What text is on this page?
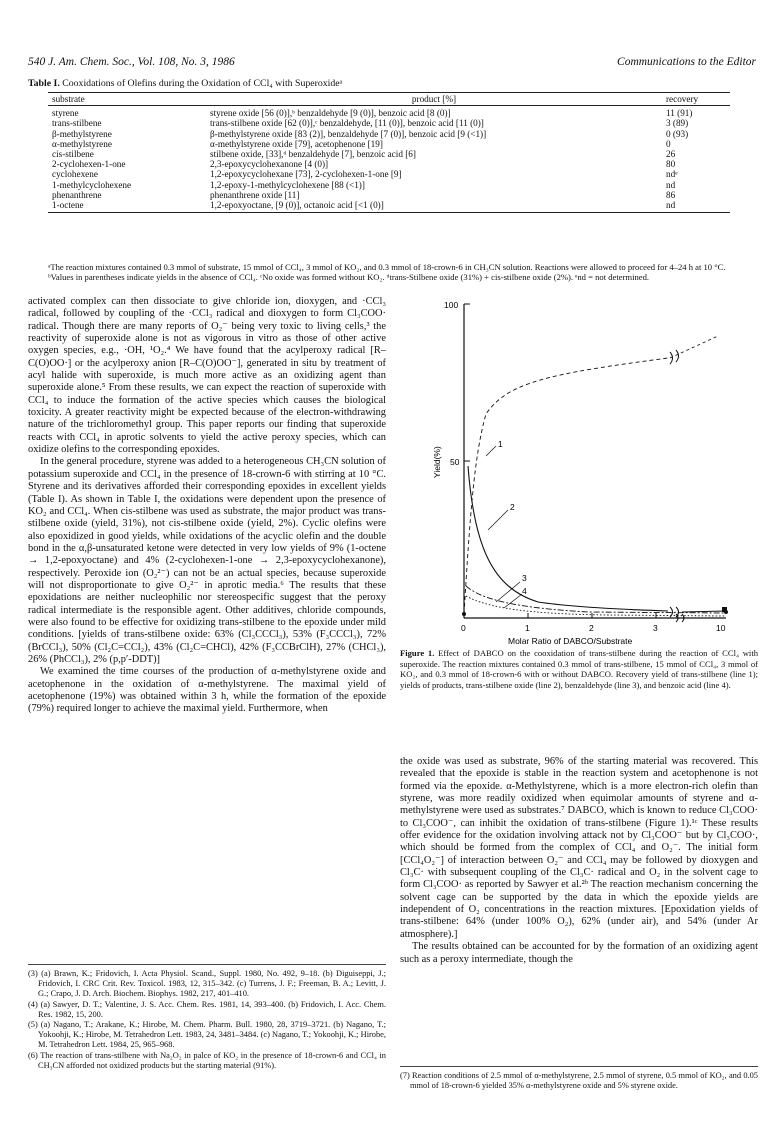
540 J. Am. Chem. Soc., Vol. 108, No. 3, 1986	Communications to the Editor
Table I. Cooxidations of Olefins during the Oxidation of CCl₄ with Superoxideᵃ
substrate	product [%]	recovery
styrene	styrene oxide [56 (0)],ᵇ benzaldehyde [9 (0)], benzoic acid [8 (0)]	11 (91)
trans-stilbene	trans-stilbene oxide [62 (0)],ᶜ benzaldehyde, [11 (0)], benzoic acid [11 (0)]	3 (89)
β-methylstyrene	β-methylstyrene oxide [83 (2)], benzaldehyde [7 (0)], benzoic acid [9 (<1)]	0 (93)
α-methylstyrene	α-methylstyrene oxide [79], acetophenone [19]	0
cis-stilbene	stilbene oxide, [33],ᵈ benzaldehyde [7], benzoic acid [6]	26
2-cyclohexen-1-one	2,3-epoxycyclohexanone [4 (0)]	80
cyclohexene	1,2-epoxycyclohexane [73], 2-cyclohexen-1-one [9]	ndᵉ
1-methylcyclohexene	1,2-epoxy-1-methylcyclohexene [88 (<1)]	nd
phenanthrene	phenanthrene oxide [11]	86
1-octene	1,2-epoxyoctane, [9 (0)], octanoic acid [<1 (0)]	nd
ᵃThe reaction mixtures contained 0.3 mmol of substrate, 15 mmol of CCl₄, 3 mmol of KO₂, and 0.3 mmol of 18-crown-6 in CH₃CN solution. Reactions were allowed to proceed for 4–24 h at 10 °C. ᵇValues in parentheses indicate yields in the absence of CCl₄. ᶜNo oxide was formed without KO₂. ᵈtrans-Stilbene oxide (31%) + cis-stilbene oxide (2%). ᵉnd = not determined.

activated complex can then dissociate to give chloride ion, dioxygen, and ·CCl₃ radical, followed by coupling of the ·CCl₃ radical and dioxygen to form Cl₃COO· radical. Though there are many reports of O₂⁻ being very toxic to living cells,³ the reactivity of superoxide alone is not as vigorous in vitro as those of other active oxygen species, e.g., ·OH, ¹O₂.⁴ We have found that the acylperoxy radical [R–C(O)OO·] or the acylperoxy anion [R–C(O)OO⁻], generated in situ by treatment of acyl halide with superoxide, is much more active as an oxidizing agent than superoxide alone.⁵ From these results, we can expect the reaction of superoxide with CCl₄ to induce the formation of the active species which causes the biological toxicity. A greater reactivity might be expected because of the electron-withdrawing nature of the trichloromethyl group. This paper reports our finding that superoxide reacts with CCl₄ in aprotic solvents to yield the active peroxy species, which can oxidize olefins to the corresponding epoxides.

In the general procedure, styrene was added to a heterogeneous CH₃CN solution of potassium superoxide and CCl₄ in the presence of 18-crown-6 with stirring at 10 °C. Styrene and its derivatives afforded their corresponding epoxides in excellent yields (Table I). As shown in Table I, the oxidations were dependent upon the presence of KO₂ and CCl₄. When cis-stilbene was used as substrate, the major product was trans-stilbene oxide (yield, 31%), not cis-stilbene oxide (yield, 2%). Cyclic olefins were also epoxidized in good yields, while oxidations of the acyclic olefin and the double bond in the α,β-unsaturated ketone were detected in very low yields of 9% (1-octene → 1,2-epoxyoctane) and 4% (2-cyclohexen-1-one → 2,3-epoxycyclohexanone), respectively. Peroxide ion (O₂²⁻) can not be an actual species, because superoxide will not disproportionate to give O₂²⁻ in aprotic media.⁶ The results that these epoxidations are neither nucleophilic nor stereospecific suggest that the peroxy radical intermediate is the responsible agent. Other additives, chloride compounds, were also found to be effective for oxidizing trans-stilbene to the epoxide under mild conditions. [yields of trans-stilbene oxide: 63% (Cl₃CCCl₃), 53% (F₃CCCl₃), 72% (BrCCl₃), 50% (Cl₂C=CCl₂), 43% (Cl₂C=CHCl), 42% (F₃CCBrClH), 27% (CHCl₃), 26% (PhCCl₃), 2% (p,p′-DDT)]

We examined the time courses of the production of α-methylstyrene oxide and acetophenone in the oxidation of α-methylstyrene. The maximal yield of acetophenone (19%) was obtained within 3 h, while the formation of the epoxide (79%) required longer to achieve the maximal yield. Furthermore, when

(3) (a) Brawn, K.; Fridovich, I. Acta Physiol. Scand., Suppl. 1980, No. 492, 9–18. (b) Diguiseppi, J.; Fridovich, I. CRC Crit. Rev. Toxicol. 1983, 12, 315–342. (c) Turrens, J. F.; Freeman, B. A.; Levitt, J. G.; Crapo, J. D. Arch. Biochem. Biophys. 1982, 217, 401–410.

(4) (a) Sawyer, D. T.; Valentine, J. S. Acc. Chem. Res. 1981, 14, 393–400. (b) Fridovich, I. Acc. Chem. Res. 1982, 15, 200.

(5) (a) Nagano, T.; Arakane, K.; Hirobe, M. Chem. Pharm. Bull. 1980, 28, 3719–3721. (b) Nagano, T.; Yokoohji, K.; Hirobe, M. Tetrahedron Lett. 1983, 24, 3481–3484. (c) Nagano, T.; Yokoohji, K.; Hirobe, M. Tetrahedron Lett. 1984, 25, 965–968.

(6) The reaction of trans-stilbene with Na₂O₂ in palce of KO₂ in the presence of 18-crown-6 and CCl₄ in CH₃CN afforded not oxidized products but the starting material (91%).

100
50
Yield(%)
0	1	2	3	10
1
2
3
4
Molar Ratio of DABCO/Substrate
Figure 1. Effect of DABCO on the cooxidation of trans-stilbene during the reaction of CCl₄ with superoxide. The reaction mixtures contained 0.3 mmol of trans-stilbene, 15 mmol of CCl₄, 3 mmol of KO₂, and 0.3 mmol of 18-crown-6 with or without DABCO. Recovery yield of trans-stilbene (line 1); yields of products, trans-stilbene oxide (line 2), benzaldehyde (line 3), and benzoic acid (line 4).

the oxide was used as substrate, 96% of the starting material was recovered. This revealed that the epoxide is stable in the reaction system and acetophenone is not formed via the epoxide. α-Methylstyrene, which is a more electron-rich olefin than styrene, was more readily oxidized when equimolar amounts of styrene and α-methylstyrene were used as substrates.⁷ DABCO, which is known to reduce Cl₃COO· to Cl₃COO⁻, can inhibit the oxidation of trans-stilbene (Figure 1).¹ᶜ These results offer evidence for the oxidation involving attack not by Cl₃COO⁻ but by Cl₃COO·, which should be formed from the complex of CCl₄ and O₂⁻. The initial form [CCl₄O₂⁻] of interaction between O₂⁻ and CCl₄ may be followed by dioxygen and Cl₃C· with subsequent coupling of the Cl₃C· radical and O₂ in the solvent cage to form Cl₃COO· as reported by Sawyer et al.²ᵇ The reaction mechanism concerning the solvent cage can be supported by the data in which the epoxide yields are independent of O₂ concentrations in the reaction mixtures. [Epoxidation yields of trans-stilbene: 64% (under 100% O₂), 62% (under air), and 54% (under Ar atmosphere).]

The results obtained can be accounted for by the formation of an oxidizing agent such as a peroxy intermediate, though the

(7) Reaction conditions of 2.5 mmol of α-methylstyrene, 2.5 mmol of styrene, 0.5 mmol of KO₂, and 0.05 mmol of 18-crown-6 yielded 35% α-methylstyrene oxide and 5% styrene oxide.
